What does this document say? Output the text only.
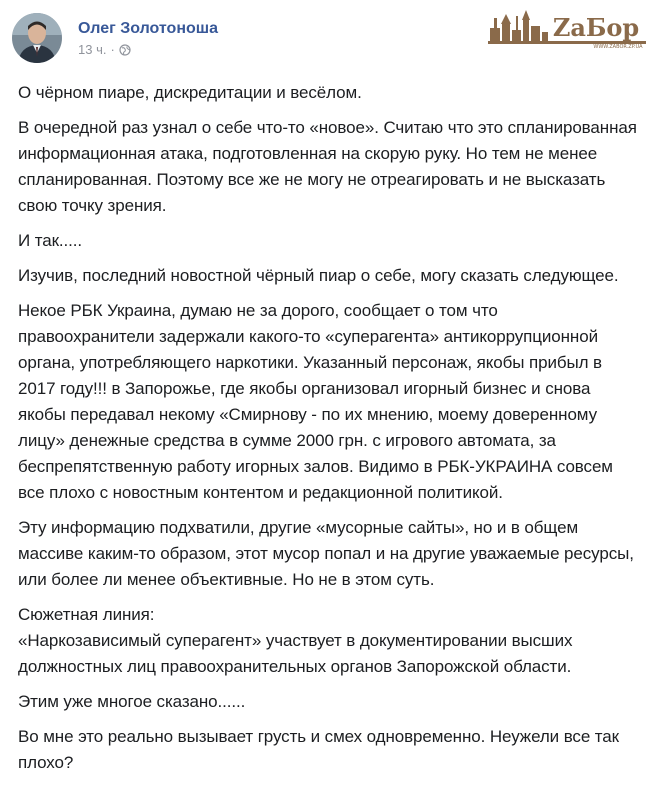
Олег Золотоноша
13 ч. ·
ZaБор
WWW.ZABOR.ZP.UA

О чёрном пиаре, дискредитации и весёлом.

В очередной раз узнал о себе что-то «новое». Считаю что это спланированная информационная атака, подготовленная на скорую руку. Но тем не менее спланированная. Поэтому все же не могу не отреагировать и не высказать свою точку зрения.

И так.....

Изучив, последний новостной чёрный пиар о себе, могу сказать следующее.

Некое РБК Украина, думаю не за дорого, сообщает о том что правоохранители задержали какого-то «суперагента» антикоррупционной органа, употребляющего наркотики. Указанный персонаж, якобы прибыл в 2017 году!!! в Запорожье, где якобы организовал игорный бизнес и снова якобы передавал некому «Смирнову - по их мнению, моему доверенному лицу» денежные средства в сумме 2000 грн. с игрового автомата, за беспрепятственную работу игорных залов. Видимо в РБК-УКРАИНА совсем все плохо с новостным контентом и редакционной политикой.

Эту информацию подхватили, другие «мусорные сайты», но и в общем массиве каким-то образом, этот мусор попал и на другие уважаемые ресурсы, или более ли менее объективные. Но не в этом суть.

Сюжетная линия:
«Наркозависимый суперагент» участвует в документировании высших должностных лиц правоохранительных органов Запорожской области.

Этим уже многое сказано......

Во мне это реально вызывает грусть и смех одновременно. Неужели все так плохо?
